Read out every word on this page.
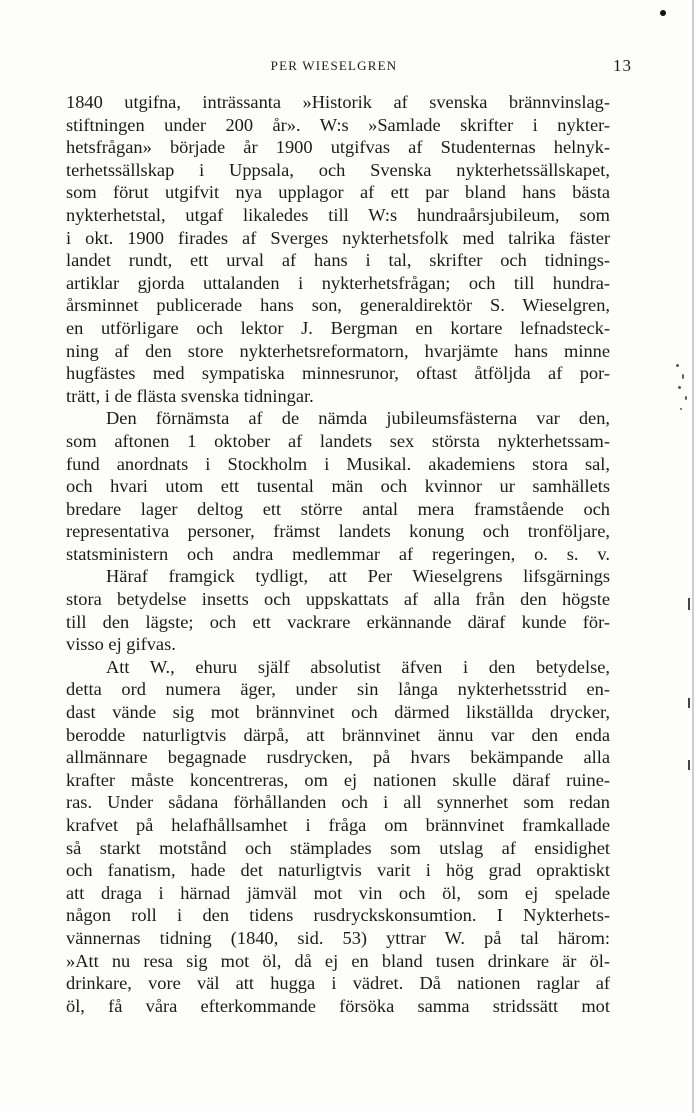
PER WIESELGREN	13
1840 utgifna, inträssanta »Historik af svenska brännvinslag-
stiftningen under 200 år». W:s »Samlade skrifter i nykter-
hetsfrågan» började år 1900 utgifvas af Studenternas helnyk-
terhetssällskap i Uppsala, och Svenska nykterhetssällskapet,
som förut utgifvit nya upplagor af ett par bland hans bästa
nykterhetstal, utgaf likaledes till W:s hundraårsjubileum, som
i okt. 1900 firades af Sverges nykterhetsfolk med talrika fäster
landet rundt, ett urval af hans i tal, skrifter och tidnings-
artiklar gjorda uttalanden i nykterhetsfrågan; och till hundra-
årsminnet publicerade hans son, generaldirektör S. Wieselgren,
en utförligare och lektor J. Bergman en kortare lefnadsteck-
ning af den store nykterhetsreformatorn, hvarjämte hans minne
hugfästes med sympatiska minnesrunor, oftast åtföljda af por-
trätt, i de flästa svenska tidningar.
Den förnämsta af de nämda jubileumsfästerna var den,
som aftonen 1 oktober af landets sex största nykterhetssam-
fund anordnats i Stockholm i Musikal. akademiens stora sal,
och hvari utom ett tusental män och kvinnor ur samhällets
bredare lager deltog ett större antal mera framstående och
representativa personer, främst landets konung och tronföljare,
statsministern och andra medlemmar af regeringen, o. s. v.
Häraf framgick tydligt, att Per Wieselgrens lifsgärnings
stora betydelse insetts och uppskattats af alla från den högste
till den lägste; och ett vackrare erkännande däraf kunde för-
visso ej gifvas.
Att W., ehuru själf absolutist äfven i den betydelse,
detta ord numera äger, under sin långa nykterhetsstrid en-
dast vände sig mot brännvinet och därmed likställda drycker,
berodde naturligtvis därpå, att brännvinet ännu var den enda
allmännare begagnade rusdrycken, på hvars bekämpande alla
krafter måste koncentreras, om ej nationen skulle däraf ruine-
ras. Under sådana förhållanden och i all synnerhet som redan
krafvet på helafhållsamhet i fråga om brännvinet framkallade
så starkt motstånd och stämplades som utslag af ensidighet
och fanatism, hade det naturligtvis varit i hög grad opraktiskt
att draga i härnad jämväl mot vin och öl, som ej spelade
någon roll i den tidens rusdryckskonsumtion. I Nykterhets-
vännernas tidning (1840, sid. 53) yttrar W. på tal härom:
»Att nu resa sig mot öl, då ej en bland tusen drinkare är öl-
drinkare, vore väl att hugga i vädret. Då nationen raglar af
öl, få våra efterkommande försöka samma stridssätt mot
